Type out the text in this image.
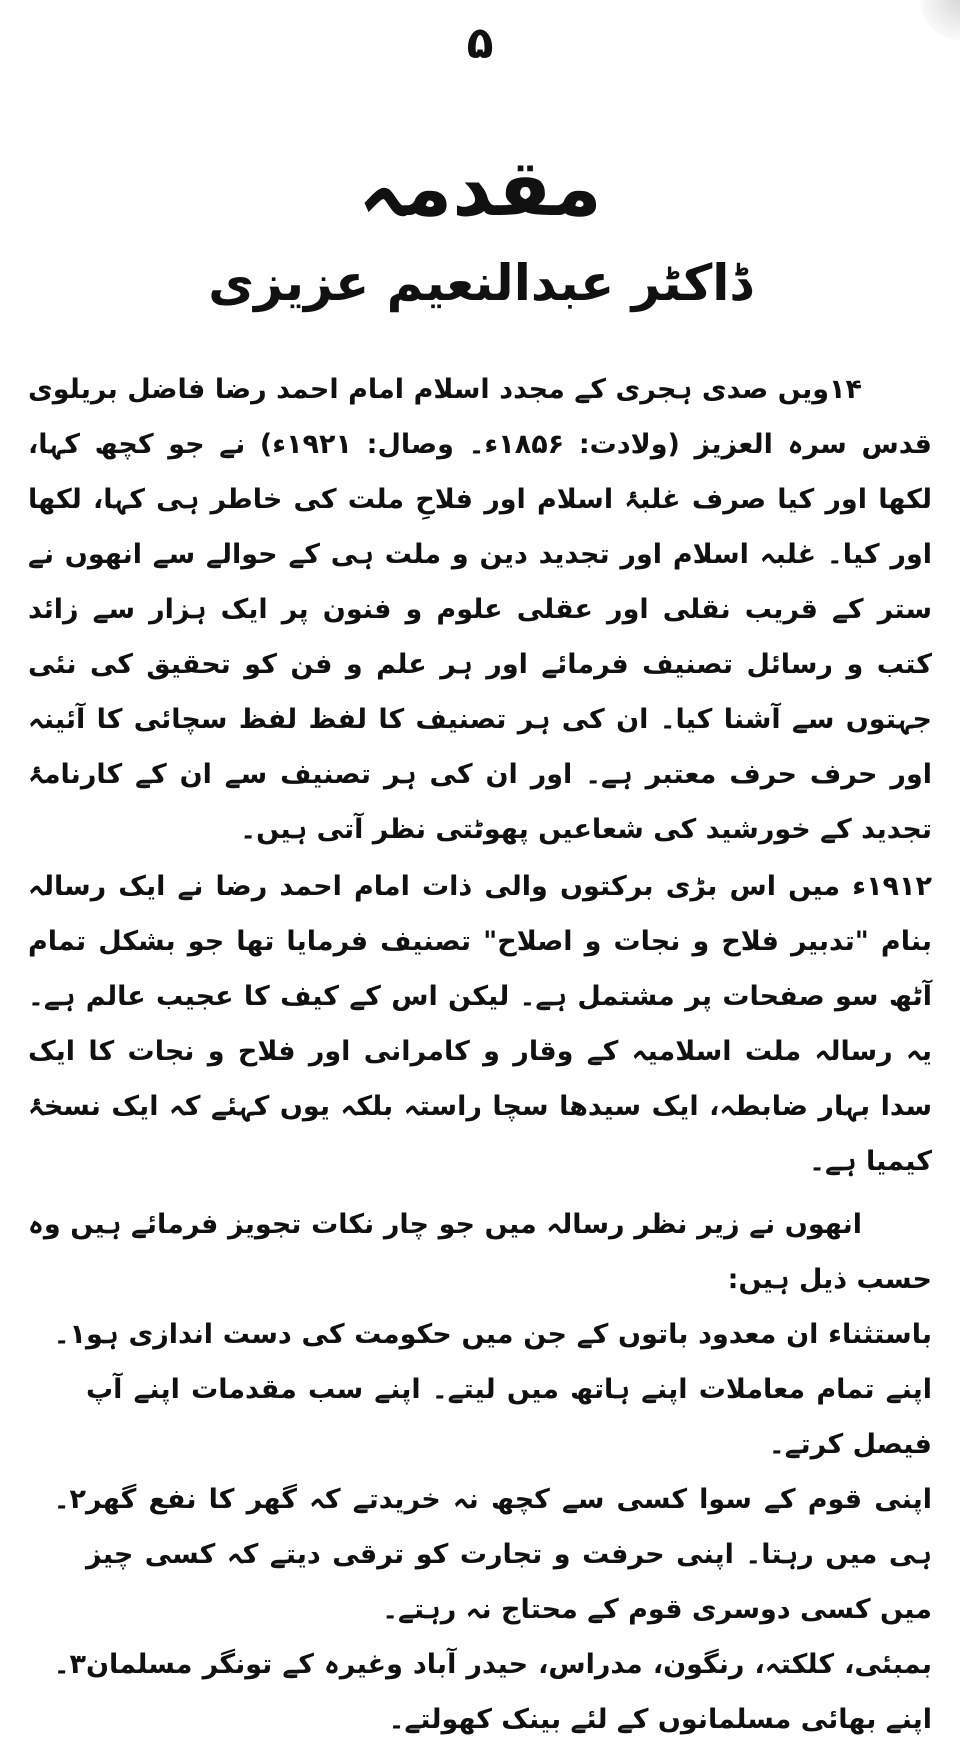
۵
مقدمہ
ڈاکٹر عبدالنعیم عزیزی

۱۴ویں صدی ہجری کے مجدد اسلام امام احمد رضا فاضل بریلوی قدس سرہ العزیز (ولادت: ۱۸۵۶ء۔ وصال: ۱۹۲۱ء) نے جو کچھ کہا، لکھا اور کیا صرف غلبۂ اسلام اور فلاحِ ملت کی خاطر ہی کہا، لکھا اور کیا۔ غلبہ اسلام اور تجدید دین و ملت ہی کے حوالے سے انھوں نے ستر کے قریب نقلی اور عقلی علوم و فنون پر ایک ہزار سے زائد کتب و رسائل تصنیف فرمائے اور ہر علم و فن کو تحقیق کی نئی جہتوں سے آشنا کیا۔ ان کی ہر تصنیف کا لفظ لفظ سچائی کا آئینہ اور حرف حرف معتبر ہے۔ اور ان کی ہر تصنیف سے ان کے کارنامۂ تجدید کے خورشید کی شعاعیں پھوٹتی نظر آتی ہیں۔

۱۹۱۲ء میں اس بڑی برکتوں والی ذات امام احمد رضا نے ایک رسالہ بنام "تدبیر فلاح و نجات و اصلاح" تصنیف فرمایا تھا جو بشکل تمام آٹھ سو صفحات پر مشتمل ہے۔ لیکن اس کے کیف کا عجیب عالم ہے۔ یہ رسالہ ملت اسلامیہ کے وقار و کامرانی اور فلاح و نجات کا ایک سدا بہار ضابطہ، ایک سیدھا سچا راستہ بلکہ یوں کہئے کہ ایک نسخۂ کیمیا ہے۔

انھوں نے زیر نظر رسالہ میں جو چار نکات تجویز فرمائے ہیں وہ حسب ذیل ہیں:

باستثناء ان معدود باتوں کے جن میں حکومت کی دست اندازی ہو اپنے تمام معاملات اپنے ہاتھ میں لیتے۔ اپنے سب مقدمات اپنے آپ فیصل کرتے۔
۱۔
اپنی قوم کے سوا کسی سے کچھ نہ خریدتے کہ گھر کا نفع گھر ہی میں رہتا۔ اپنی حرفت و تجارت کو ترقی دیتے کہ کسی چیز میں کسی دوسری قوم کے محتاج نہ رہتے۔
۲۔
بمبئی، کلکتہ، رنگون، مدراس، حیدر آباد وغیرہ کے تونگر مسلمان اپنے بھائی مسلمانوں کے لئے بینک کھولتے۔
۳۔
